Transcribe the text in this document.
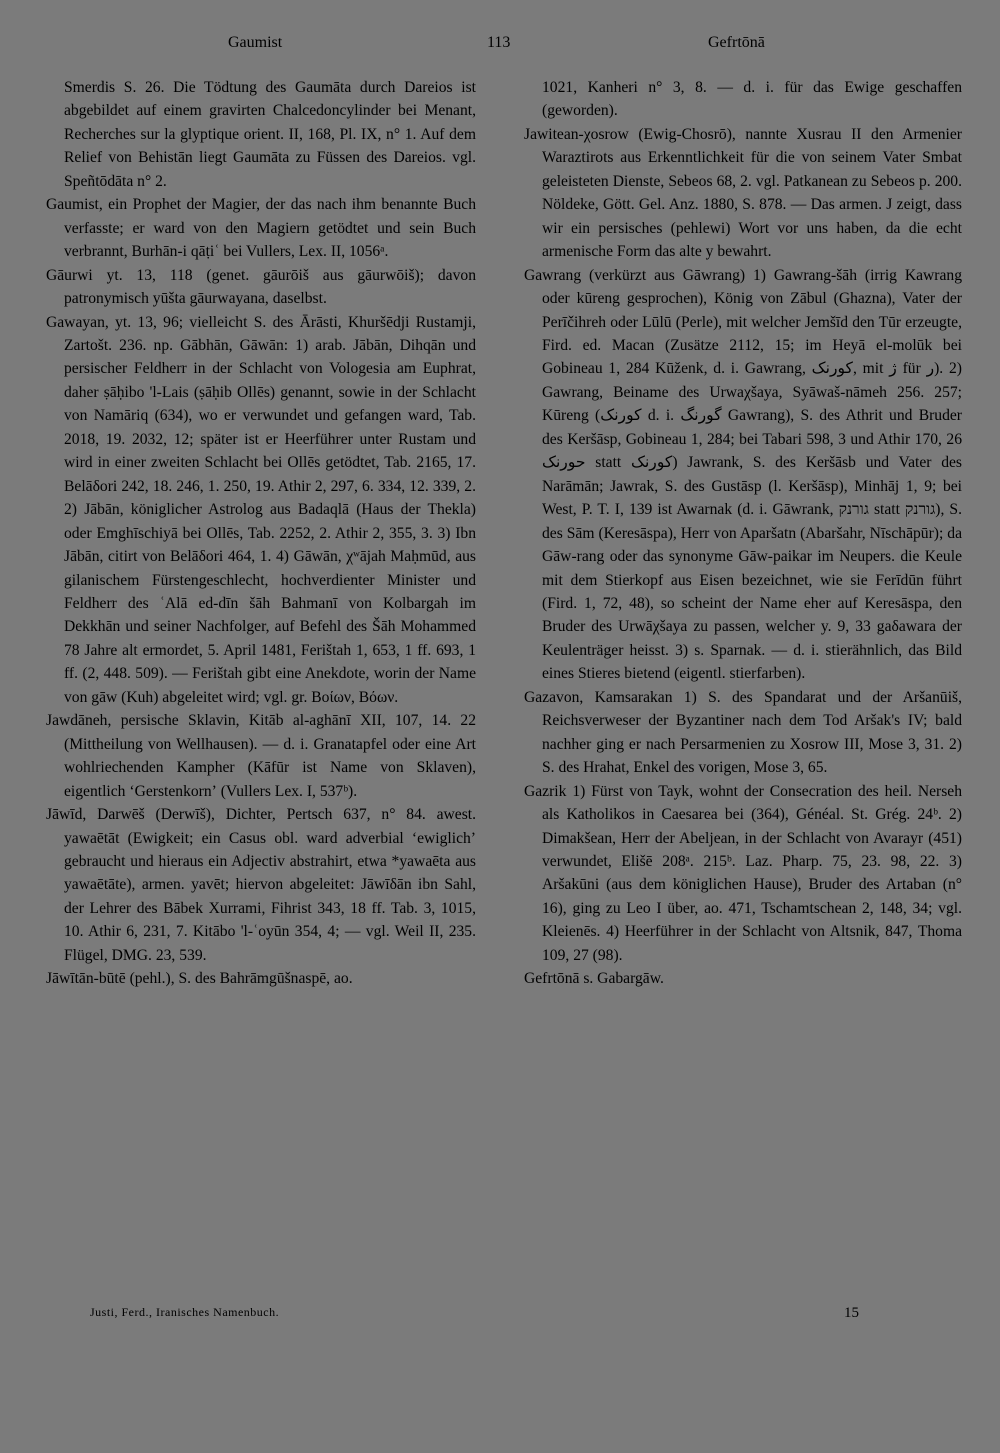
Gaumist	113	Gefrtōnā

Smerdis S. 26. Die Tödtung des Gaumāta durch Dareios ist abgebildet auf einem gravirten Chalcedoncylinder bei Menant, Recherches sur la glyptique orient. II, 168, Pl. IX, n° 1. Auf dem Relief von Behistān liegt Gaumāta zu Füssen des Dareios. vgl. Speñtōdāta n° 2.

Gaumist, ein Prophet der Magier, der das nach ihm benannte Buch verfasste; er ward von den Magiern getödtet und sein Buch verbrannt, Burhān-i qāṭiʿ bei Vullers, Lex. II, 1056ᵃ.

Gāurwi yt. 13, 118 (genet. gāurōiš aus gāurwōiš); davon patronymisch yūšta gāurwayana, daselbst.

Gawayan, yt. 13, 96; vielleicht S. des Ārāsti, Khuršēdji Rustamji, Zartošt. 236. np. Gābhān, Gāwān: 1) arab. Jābān, Dihqān und persischer Feldherr in der Schlacht von Vologesia am Euphrat, daher ṣāḥibo 'l-Lais (ṣāḥib Ollēs) genannt, sowie in der Schlacht von Namāriq (634), wo er verwundet und gefangen ward, Tab. 2018, 19. 2032, 12; später ist er Heerführer unter Rustam und wird in einer zweiten Schlacht bei Ollēs getödtet, Tab. 2165, 17. Belāδori 242, 18. 246, 1. 250, 19. Athir 2, 297, 6. 334, 12. 339, 2. 2) Jābān, königlicher Astrolog aus Badaqlā (Haus der Thekla) oder Emghīschiyā bei Ollēs, Tab. 2252, 2. Athir 2, 355, 3. 3) Ibn Jābān, citirt von Belāδori 464, 1. 4) Gāwān, χʷājah Maḥmūd, aus gilanischem Fürstengeschlecht, hochverdienter Minister und Feldherr des ʿAlā ed-dīn šāh Bahmanī von Kolbargah im Dekkhān und seiner Nachfolger, auf Befehl des Šāh Mohammed 78 Jahre alt ermordet, 5. April 1481, Ferištah 1, 653, 1 ff. 693, 1 ff. (2, 448. 509). — Ferištah gibt eine Anekdote, worin der Name von gāw (Kuh) abgeleitet wird; vgl. gr. Βοίων, Βόων.

Jawdāneh, persische Sklavin, Kitāb al-aghānī XII, 107, 14. 22 (Mittheilung von Wellhausen). — d. i. Granatapfel oder eine Art wohlriechenden Kampher (Kāfūr ist Name von Sklaven), eigentlich ʻGerstenkornʼ (Vullers Lex. I, 537ᵇ).

Jāwīd, Darwēš (Derwīš), Dichter, Pertsch 637, n° 84. awest. yawaētāt (Ewigkeit; ein Casus obl. ward adverbial ʻewiglichʼ gebraucht und hieraus ein Adjectiv abstrahirt, etwa *yawaēta aus yawaētāte), armen. yavēt; hiervon abgeleitet: Jāwīδān ibn Sahl, der Lehrer des Bābek Xurrami, Fihrist 343, 18 ff. Tab. 3, 1015, 10. Athir 6, 231, 7. Kitābo 'l-ʿoyūn 354, 4; — vgl. Weil II, 235. Flügel, DMG. 23, 539.

Jāwītān-būtē (pehl.), S. des Bahrāmgūšnaspē, ao.

1021, Kanheri n° 3, 8. — d. i. für das Ewige geschaffen (geworden).

Jawitean-χosrow (Ewig-Chosrō), nannte Xusrau II den Armenier Waraztirots aus Erkenntlichkeit für die von seinem Vater Smbat geleisteten Dienste, Sebeos 68, 2. vgl. Patkanean zu Sebeos p. 200. Nöldeke, Gött. Gel. Anz. 1880, S. 878. — Das armen. J zeigt, dass wir ein persisches (pehlewi) Wort vor uns haben, da die echt armenische Form das alte y bewahrt.

Gawrang (verkürzt aus Gāwrang) 1) Gawrang-šāh (irrig Kawrang oder kūreng gesprochen), König von Zābul (Ghazna), Vater der Perīčihreh oder Lūlū (Perle), mit welcher Jemšīd den Tūr erzeugte, Fird. ed. Macan (Zusätze 2112, 15; im Heyā el-molūk bei Gobineau 1, 284 Kūženk, d. i. Gawrang, کورنک, mit ژ für ر). 2) Gawrang, Beiname des Urwaχšaya, Syāwaš-nāmeh 256. 257; Kūreng (کورنک d. i. گورنگ Gawrang), S. des Athrit und Bruder des Keršāsp, Gobineau 1, 284; bei Tabari 598, 3 und Athir 170, 26 حورنک statt کورنک) Jawrank, S. des Keršāsb und Vater des Narāmān; Jawrak, S. des Gustāsp (l. Keršāsp), Minhāj 1, 9; bei West, P. T. I, 139 ist Awarnak (d. i. Gāwrank, גורנק statt גורנק), S. des Sām (Keresāspa), Herr von Aparšatn (Abaršahr, Nīschāpūr); da Gāw-rang oder das synonyme Gāw-paikar im Neupers. die Keule mit dem Stierkopf aus Eisen bezeichnet, wie sie Ferīdūn führt (Fird. 1, 72, 48), so scheint der Name eher auf Keresāspa, den Bruder des Urwāχšaya zu passen, welcher y. 9, 33 gaδawara der Keulenträger heisst. 3) s. Sparnak. — d. i. stierähnlich, das Bild eines Stieres bietend (eigentl. stierfarben).

Gazavon, Kamsarakan 1) S. des Spandarat und der Aršanūiš, Reichsverweser der Byzantiner nach dem Tod Aršak's IV; bald nachher ging er nach Persarmenien zu Xosrow III, Mose 3, 31. 2) S. des Hrahat, Enkel des vorigen, Mose 3, 65.

Gazrik 1) Fürst von Tayk, wohnt der Consecration des heil. Nerseh als Katholikos in Caesarea bei (364), Généal. St. Grég. 24ᵇ. 2) Dimakšean, Herr der Abeljean, in der Schlacht von Avarayr (451) verwundet, Elišē 208ᵃ. 215ᵇ. Laz. Pharp. 75, 23. 98, 22. 3) Aršakūni (aus dem königlichen Hause), Bruder des Artaban (n° 16), ging zu Leo I über, ao. 471, Tschamtschean 2, 148, 34; vgl. Kleienēs. 4) Heerführer in der Schlacht von Altsnik, 847, Thoma 109, 27 (98).

Gefrtōnā s. Gabargāw.

Justi, Ferd., Iranisches Namenbuch.	15
